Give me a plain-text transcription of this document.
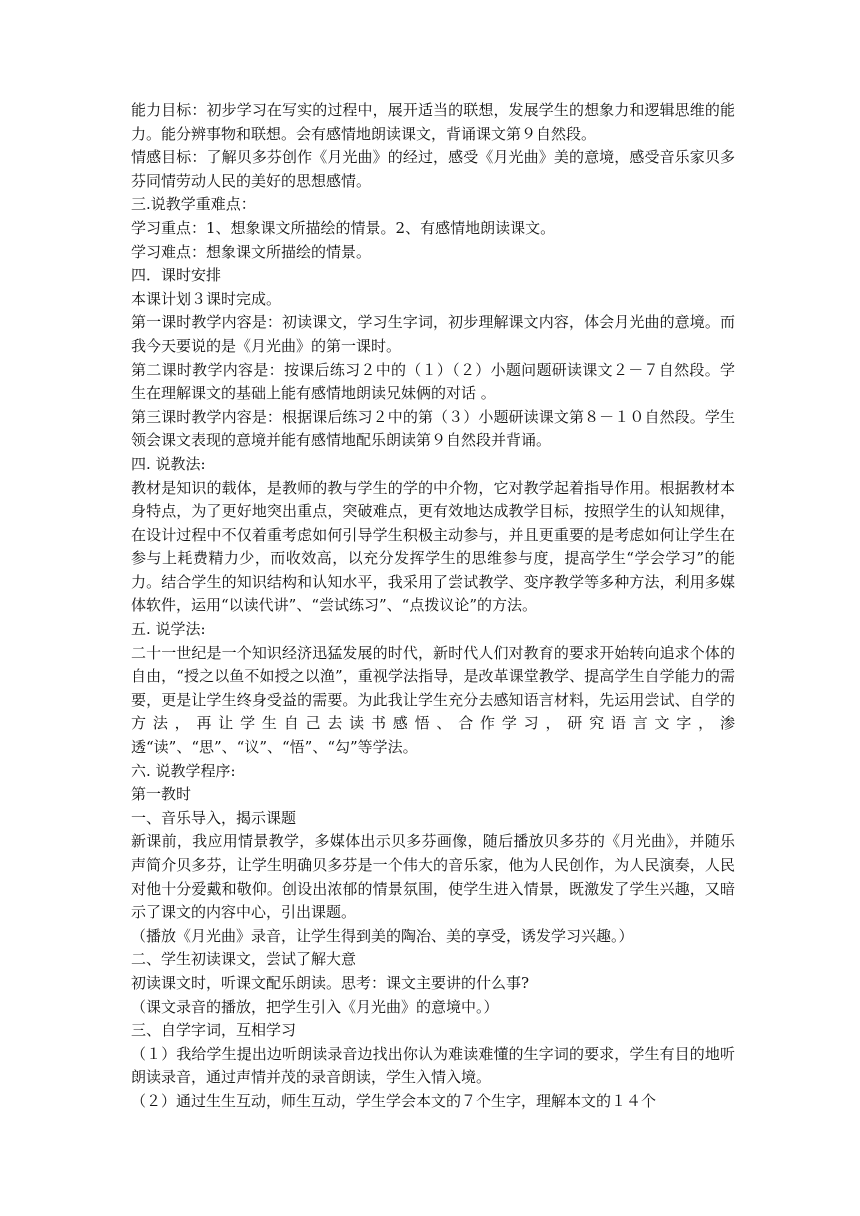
能力目标：初步学习在写实的过程中，展开适当的联想，发展学生的想象力和逻辑思维的能力。能分辨事物和联想。会有感情地朗读课文，背诵课文第９自然段。

情感目标：了解贝多芬创作《月光曲》的经过，感受《月光曲》美的意境，感受音乐家贝多芬同情劳动人民的美好的思想感情。

三.说教学重难点：

学习重点：1、想象课文所描绘的情景。2、有感情地朗读课文。

学习难点：想象课文所描绘的情景。

四．课时安排

本课计划３课时完成。

第一课时教学内容是：初读课文，学习生字词，初步理解课文内容，体会月光曲的意境。而我今天要说的是《月光曲》的第一课时。

第二课时教学内容是：按课后练习２中的（１）（２）小题问题研读课文２－７自然段。学生在理解课文的基础上能有感情地朗读兄妹俩的对话 。

第三课时教学内容是：根据课后练习２中的第（３）小题研读课文第８－１０自然段。学生领会课文表现的意境并能有感情地配乐朗读第９自然段并背诵。

四. 说教法:

教材是知识的载体，是教师的教与学生的学的中介物，它对教学起着指导作用。根据教材本身特点，为了更好地突出重点，突破难点，更有效地达成教学目标，按照学生的认知规律，在设计过程中不仅着重考虑如何引导学生积极主动参与，并且更重要的是考虑如何让学生在参与上耗费精力少，而收效高，以充分发挥学生的思维参与度，提高学生“学会学习”的能力。结合学生的知识结构和认知水平，我采用了尝试教学、变序教学等多种方法，利用多媒体软件，运用“以读代讲”、“尝试练习”、“点拨议论”的方法。

五. 说学法:

二十一世纪是一个知识经济迅猛发展的时代，新时代人们对教育的要求开始转向追求个体的自由，“授之以鱼不如授之以渔”，重视学法指导，是改革课堂教学、提高学生自学能力的需要，更是让学生终身受益的需要。为此我让学生充分去感知语言材料，先运用尝试、自学的方法，再让学生自己去读书感悟、合作学习，研究语言文字，渗透“读”、“思”、“议”、“悟”、“勾”等学法。

六. 说教学程序:

第一教时

一、音乐导入，揭示课题

新课前，我应用情景教学，多媒体出示贝多芬画像，随后播放贝多芬的《月光曲》，并随乐声简介贝多芬，让学生明确贝多芬是一个伟大的音乐家，他为人民创作，为人民演奏，人民对他十分爱戴和敬仰。创设出浓郁的情景氛围，使学生进入情景，既激发了学生兴趣，又暗示了课文的内容中心，引出课题。

（播放《月光曲》录音，让学生得到美的陶冶、美的享受，诱发学习兴趣。）

二、学生初读课文，尝试了解大意

初读课文时，听课文配乐朗读。思考：课文主要讲的什么事?

（课文录音的播放，把学生引入《月光曲》的意境中。）

三、自学字词，互相学习

（１）我给学生提出边听朗读录音边找出你认为难读难懂的生字词的要求，学生有目的地听朗读录音，通过声情并茂的录音朗读，学生入情入境。

（２）通过生生互动，师生互动，学生学会本文的７个生字，理解本文的１４个
